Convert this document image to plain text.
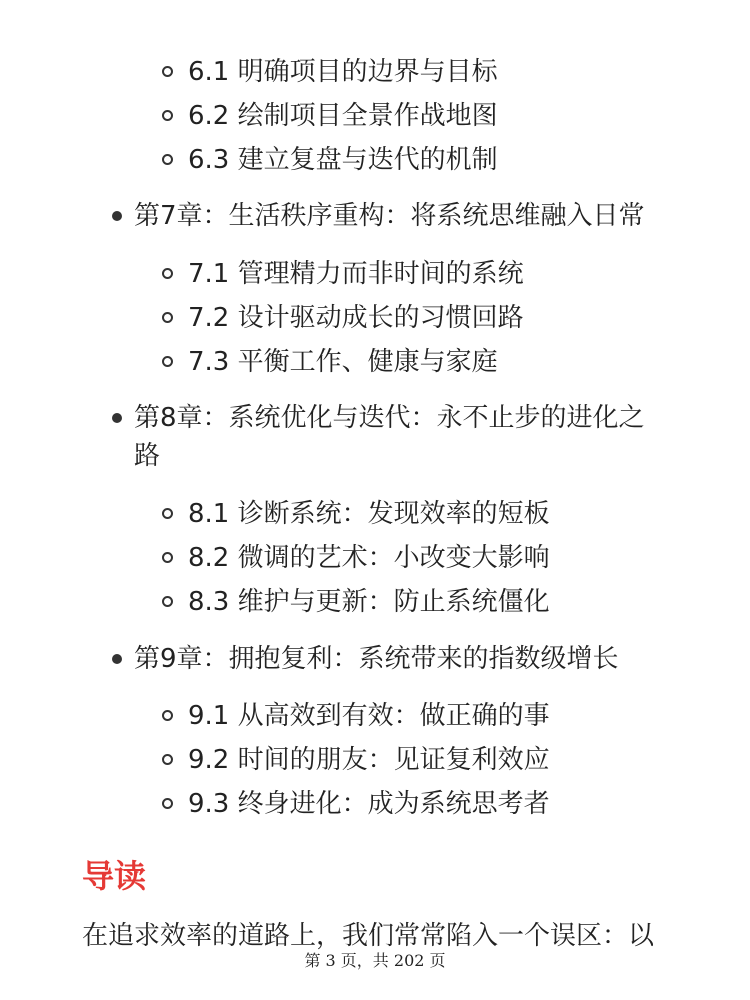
6.1 明确项目的边界与目标
6.2 绘制项目全景作战地图
6.3 建立复盘与迭代的机制
第7章：生活秩序重构：将系统思维融入日常
7.1 管理精力而非时间的系统
7.2 设计驱动成长的习惯回路
7.3 平衡工作、健康与家庭
第8章：系统优化与迭代：永不止步的进化之
路
8.1 诊断系统：发现效率的短板
8.2 微调的艺术：小改变大影响
8.3 维护与更新：防止系统僵化
第9章：拥抱复利：系统带来的指数级增长
9.1 从高效到有效：做正确的事
9.2 时间的朋友：见证复利效应
9.3 终身进化：成为系统思考者
导读
在追求效率的道路上，我们常常陷入一个误区：以
第 3 页，共 202 页
